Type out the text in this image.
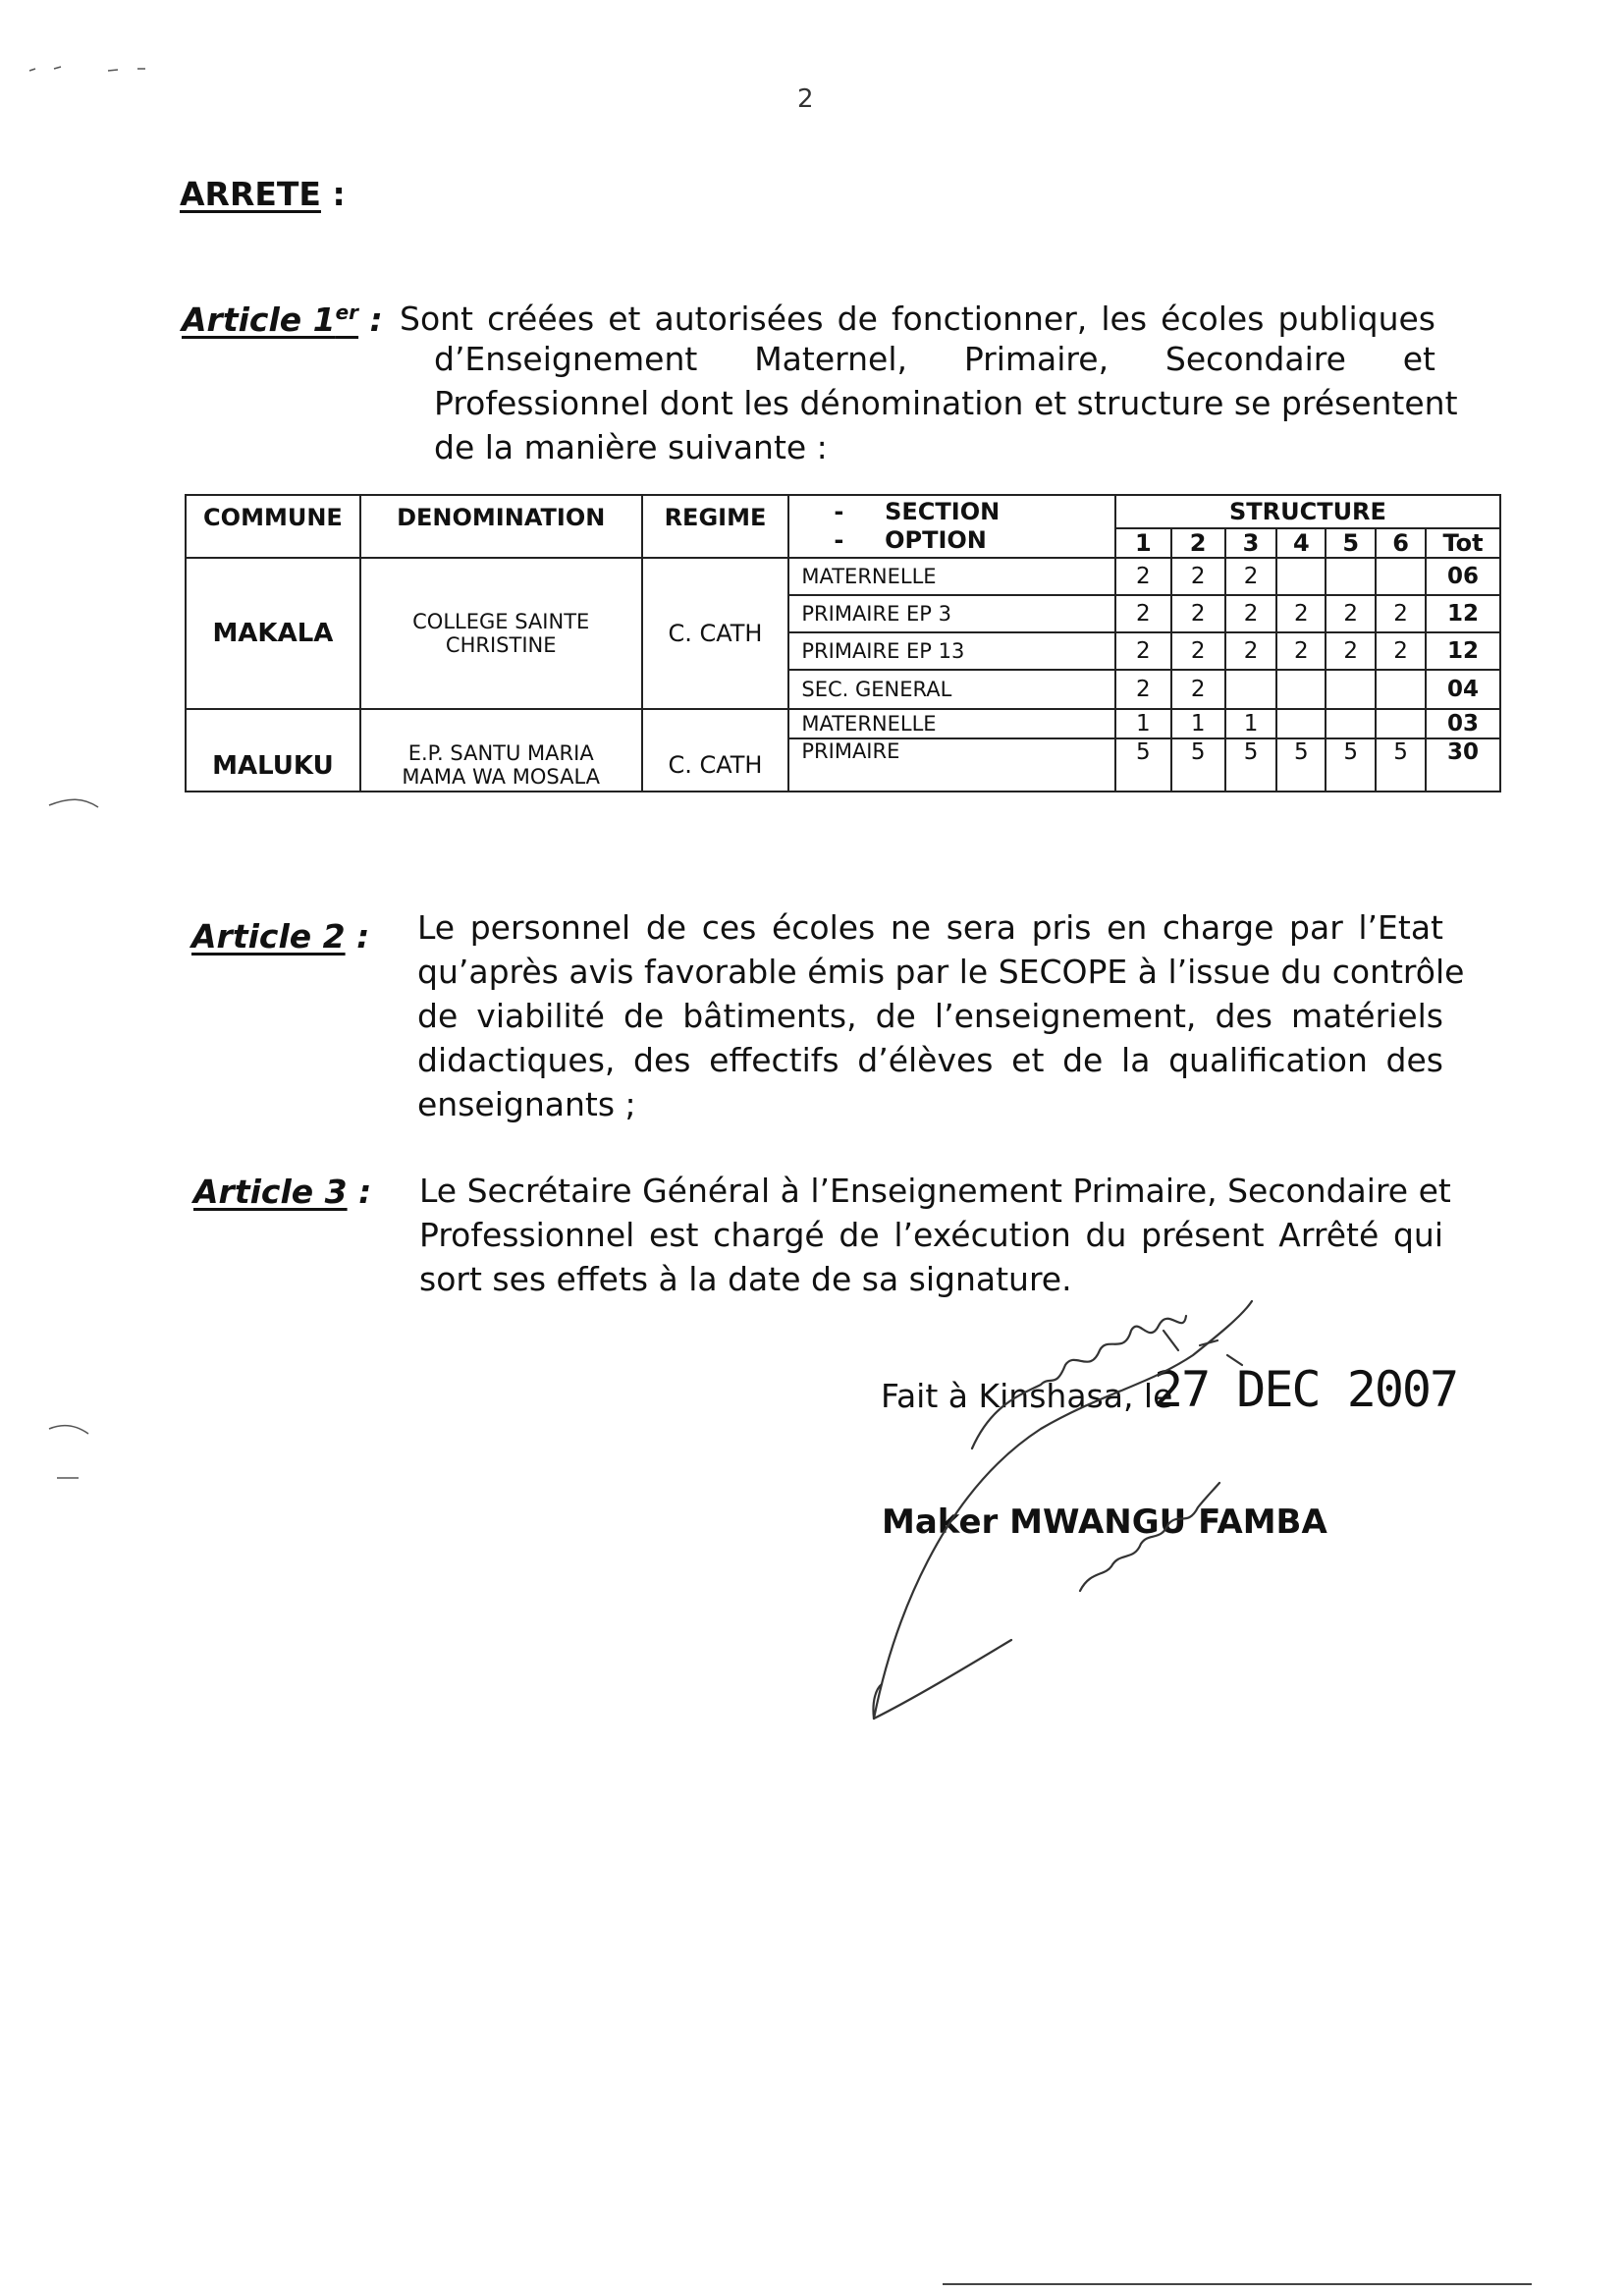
2
ARRETE :
Article 1er : Sont créées et autorisées de fonctionner, les écoles publiques
d’Enseignement Maternel, Primaire, Secondaire et
Professionnel dont les dénomination et structure se présentent
de la manière suivante :
COMMUNE	DENOMINATION	REGIME	-     SECTION
-     OPTION	STRUCTURE						
				1	2	3	4	5	6	Tot
MAKALA	COLLEGE SAINTE CHRISTINE	C. CATH	MATERNELLE	2	2	2				06
			PRIMAIRE EP 3	2	2	2	2	2	2	12
			PRIMAIRE EP 13	2	2	2	2	2	2	12
			SEC. GENERAL	2	2					04
MALUKU	E.P. SANTU MARIA MAMA WA MOSALA	C. CATH	MATERNELLE	1	1	1				03
			PRIMAIRE	5	5	5	5	5	5	30
Article 2 : Le personnel de ces écoles ne sera pris en charge par l’Etat
qu’après avis favorable émis par le SECOPE à l’issue du contrôle
de viabilité de bâtiments, de l’enseignement, des matériels
didactiques, des effectifs d’élèves et de la qualification des
enseignants ;
Article 3 : Le Secrétaire Général à l’Enseignement Primaire, Secondaire et
Professionnel est chargé de l’exécution du présent Arrêté qui
sort ses effets à la date de sa signature.
Fait à Kinshasa, le
27 DEC 2007
Maker MWANGU FAMBA
